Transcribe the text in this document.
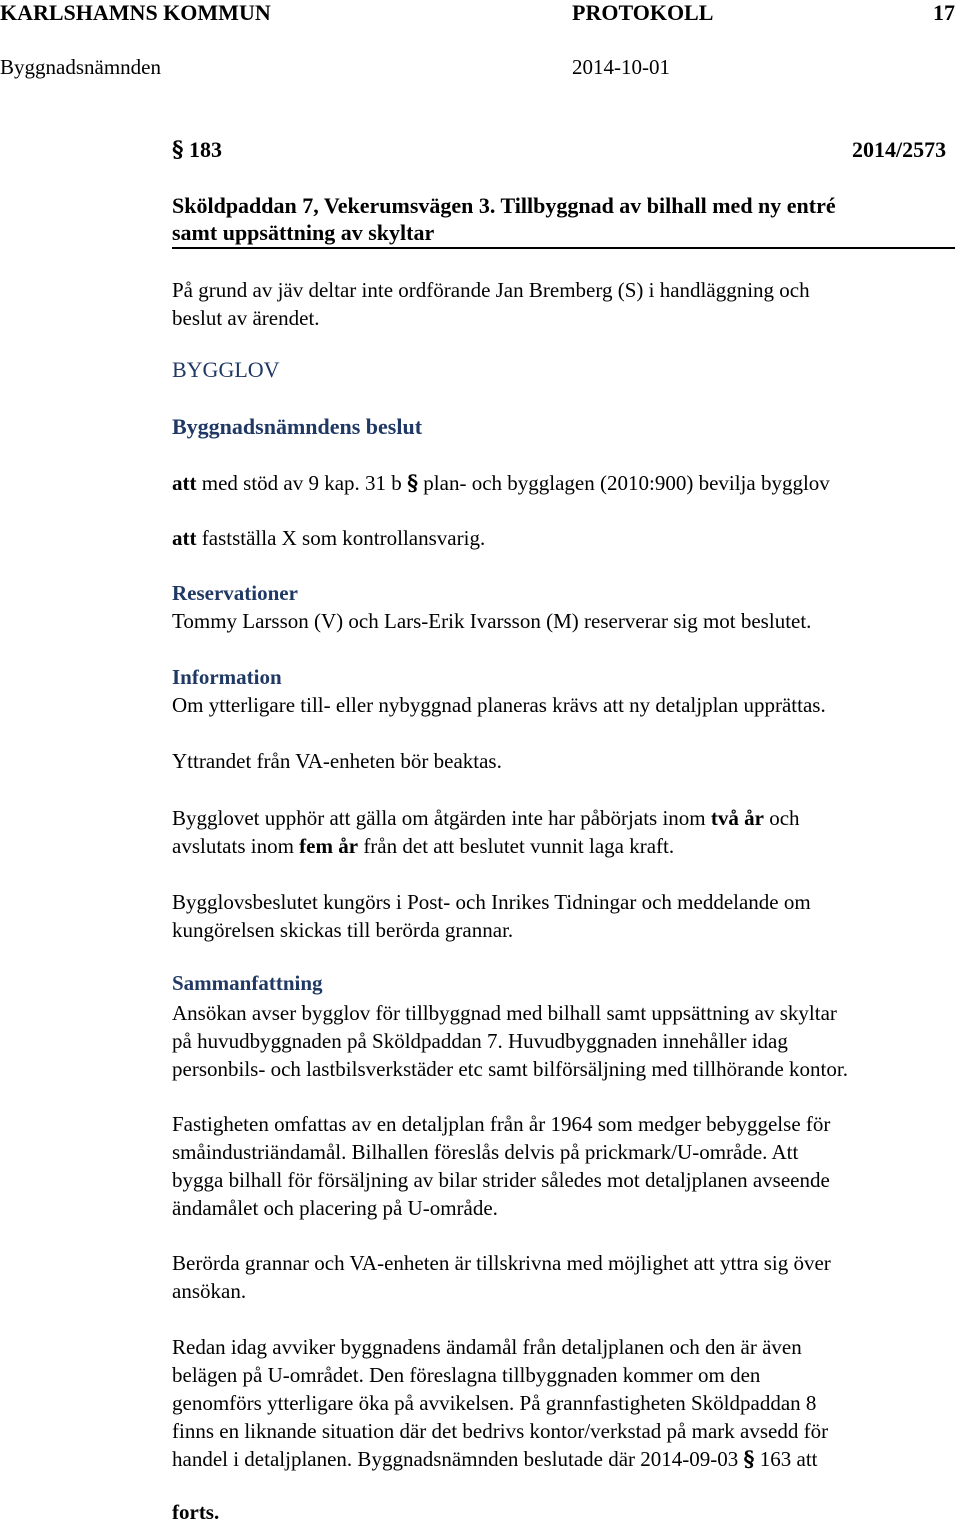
KARLSHAMNS KOMMUN	PROTOKOLL	17
Byggnadsnämnden	2014-10-01
§ 183	2014/2573
Sköldpaddan 7, Vekerumsvägen 3. Tillbyggnad av bilhall med ny entré
samt uppsättning av skyltar
På grund av jäv deltar inte ordförande Jan Bremberg (S) i handläggning och
beslut av ärendet.
BYGGLOV
Byggnadsnämndens beslut
att med stöd av 9 kap. 31 b § plan- och bygglagen (2010:900) bevilja bygglov
att fastställa X som kontrollansvarig.
Reservationer
Tommy Larsson (V) och Lars-Erik Ivarsson (M) reserverar sig mot beslutet.
Information
Om ytterligare till- eller nybyggnad planeras krävs att ny detaljplan upprättas.
Yttrandet från VA-enheten bör beaktas.
Bygglovet upphör att gälla om åtgärden inte har påbörjats inom två år och
avslutats inom fem år från det att beslutet vunnit laga kraft.
Bygglovsbeslutet kungörs i Post- och Inrikes Tidningar och meddelande om
kungörelsen skickas till berörda grannar.
Sammanfattning
Ansökan avser bygglov för tillbyggnad med bilhall samt uppsättning av skyltar
på huvudbyggnaden på Sköldpaddan 7. Huvudbyggnaden innehåller idag
personbils- och lastbilsverkstäder etc samt bilförsäljning med tillhörande kontor.
Fastigheten omfattas av en detaljplan från år 1964 som medger bebyggelse för
småindustriändamål. Bilhallen föreslås delvis på prickmark/U-område. Att
bygga bilhall för försäljning av bilar strider således mot detaljplanen avseende
ändamålet och placering på U-område.
Berörda grannar och VA-enheten är tillskrivna med möjlighet att yttra sig över
ansökan.
Redan idag avviker byggnadens ändamål från detaljplanen och den är även
belägen på U-området. Den föreslagna tillbyggnaden kommer om den
genomförs ytterligare öka på avvikelsen. På grannfastigheten Sköldpaddan 8
finns en liknande situation där det bedrivs kontor/verkstad på mark avsedd för
handel i detaljplanen. Byggnadsnämnden beslutade där 2014-09-03 § 163 att
forts.
